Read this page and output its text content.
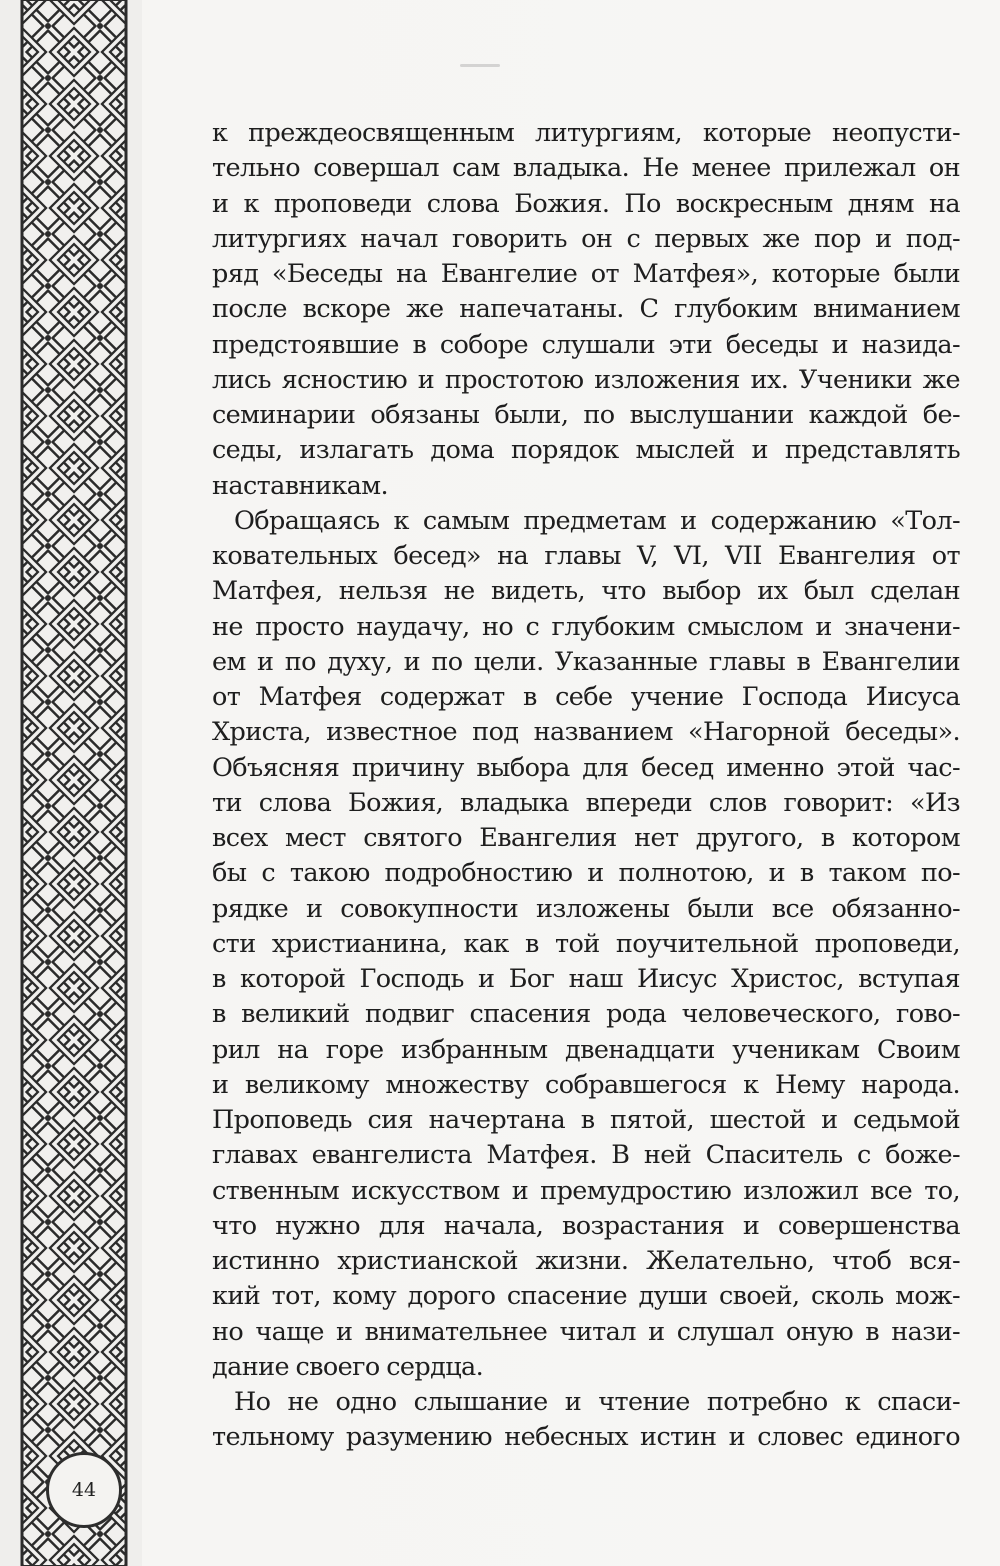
44
к преждеосвященным литургиям, которые неопусти-
тельно совершал сам владыка. Не менее прилежал он
и к проповеди слова Божия. По воскресным дням на
литургиях начал говорить он с первых же пор и под-
ряд «Беседы на Евангелие от Матфея», которые были
после вскоре же напечатаны. С глубоким вниманием
предстоявшие в соборе слушали эти беседы и назида-
лись ясностию и простотою изложения их. Ученики же
семинарии обязаны были, по выслушании каждой бе-
седы, излагать дома порядок мыслей и представлять
наставникам.
Обращаясь к самым предметам и содержанию «Тол-
ковательных бесед» на главы V, VI, VII Евангелия от
Матфея, нельзя не видеть, что выбор их был сделан
не просто наудачу, но с глубоким смыслом и значени-
ем и по духу, и по цели. Указанные главы в Евангелии
от Матфея содержат в себе учение Господа Иисуса
Христа, известное под названием «Нагорной беседы».
Объясняя причину выбора для бесед именно этой час-
ти слова Божия, владыка впереди слов говорит: «Из
всех мест святого Евангелия нет другого, в котором
бы с такою подробностию и полнотою, и в таком по-
рядке и совокупности изложены были все обязанно-
сти христианина, как в той поучительной проповеди,
в которой Господь и Бог наш Иисус Христос, вступая
в великий подвиг спасения рода человеческого, гово-
рил на горе избранным двенадцати ученикам Своим
и великому множеству собравшегося к Нему народа.
Проповедь сия начертана в пятой, шестой и седьмой
главах евангелиста Матфея. В ней Спаситель с боже-
ственным искусством и премудростию изложил все то,
что нужно для начала, возрастания и совершенства
истинно христианской жизни. Желательно, чтоб вся-
кий тот, кому дорого спасение души своей, сколь мож-
но чаще и внимательнее читал и слушал оную в нази-
дание своего сердца.
Но не одно слышание и чтение потребно к спаси-
тельному разумению небесных истин и словес единого
